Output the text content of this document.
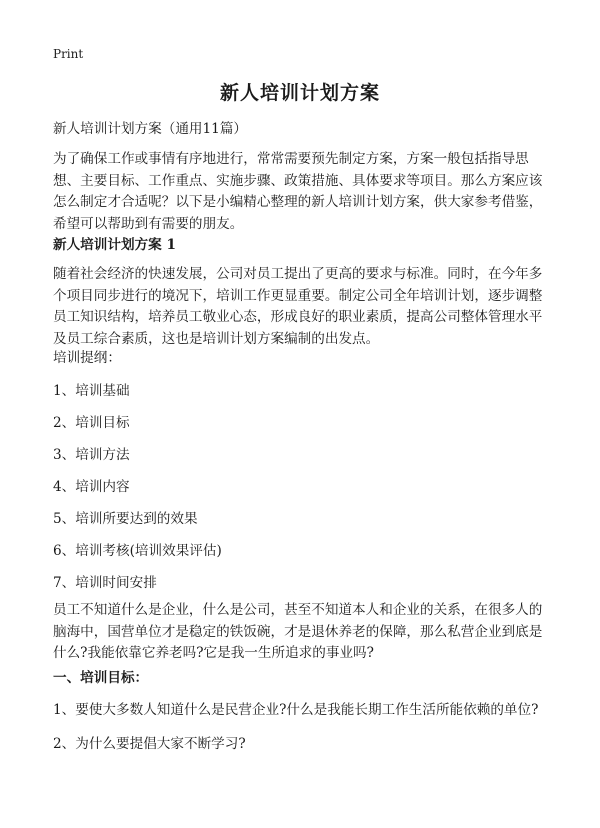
Print
新人培训计划方案
新人培训计划方案（通用11篇）
为了确保工作或事情有序地进行，常常需要预先制定方案，方案一般包括指导思想、主要目标、工作重点、实施步骤、政策措施、具体要求等项目。那么方案应该怎么制定才合适呢？以下是小编精心整理的新人培训计划方案，供大家参考借鉴，希望可以帮助到有需要的朋友。
新人培训计划方案 1
随着社会经济的快速发展，公司对员工提出了更高的要求与标准。同时，在今年多个项目同步进行的境况下，培训工作更显重要。制定公司全年培训计划，逐步调整员工知识结构，培养员工敬业心态，形成良好的职业素质，提高公司整体管理水平及员工综合素质，这也是培训计划方案编制的出发点。
培训提纲：
1、培训基础
2、培训目标
3、培训方法
4、培训内容
5、培训所要达到的效果
6、培训考核(培训效果评估)
7、培训时间安排
员工不知道什么是企业，什么是公司，甚至不知道本人和企业的关系，在很多人的脑海中，国营单位才是稳定的铁饭碗，才是退休养老的保障，那么私营企业到底是什么?我能依靠它养老吗?它是我一生所追求的事业吗?
一、培训目标：
1、要使大多数人知道什么是民营企业?什么是我能长期工作生活所能依赖的单位?
2、为什么要提倡大家不断学习?
